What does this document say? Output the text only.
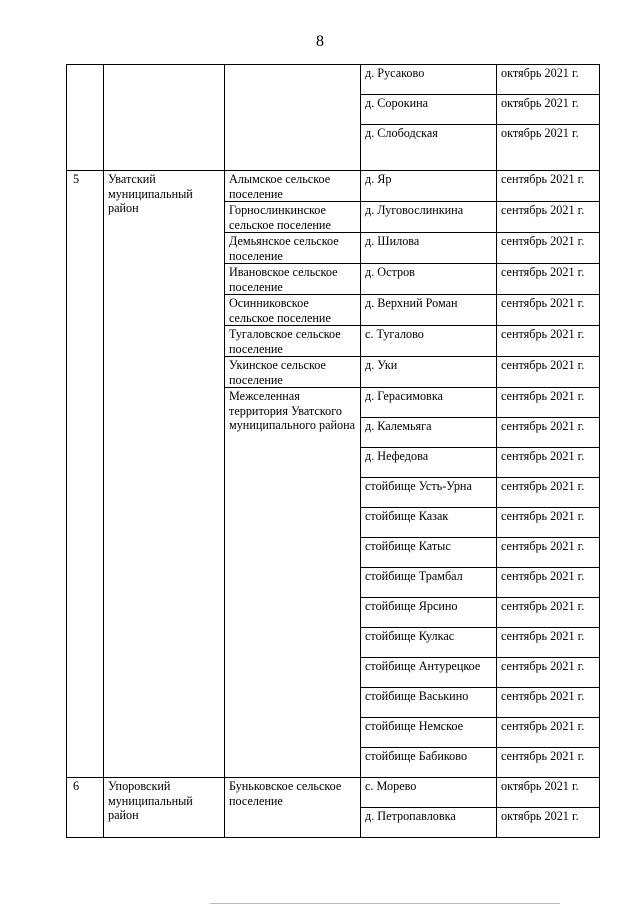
8
			д. Русаково	октябрь 2021 г.
			д. Сорокина	октябрь 2021 г.
			д. Слободская	октябрь 2021 г.
5	Уватский муниципальный район	Алымское сельское поселение	д. Яр	сентябрь 2021 г.
		Горнослинкинское сельское поселение	д. Луговослинкина	сентябрь 2021 г.
		Демьянское сельское поселение	д. Шилова	сентябрь 2021 г.
		Ивановское сельское поселение	д. Остров	сентябрь 2021 г.
		Осинниковское сельское поселение	д. Верхний Роман	сентябрь 2021 г.
		Тугаловское сельское поселение	с. Тугалово	сентябрь 2021 г.
		Укинское сельское поселение	д. Уки	сентябрь 2021 г.
		Межселенная территория Уватского муниципального района	д. Герасимовка	сентябрь 2021 г.
			д. Калемьяга	сентябрь 2021 г.
			д. Нефедова	сентябрь 2021 г.
			стойбище Усть-Урна	сентябрь 2021 г.
			стойбище Казак	сентябрь 2021 г.
			стойбище Катыс	сентябрь 2021 г.
			стойбище Трамбал	сентябрь 2021 г.
			стойбище Ярсино	сентябрь 2021 г.
			стойбище Кулкас	сентябрь 2021 г.
			стойбище Антурецкое	сентябрь 2021 г.
			стойбище Васькино	сентябрь 2021 г.
			стойбище Немское	сентябрь 2021 г.
			стойбище Бабиково	сентябрь 2021 г.
6	Упоровский муниципальный район	Буньковское сельское поселение	с. Морево	октябрь 2021 г.
			д. Петропавловка	октябрь 2021 г.
